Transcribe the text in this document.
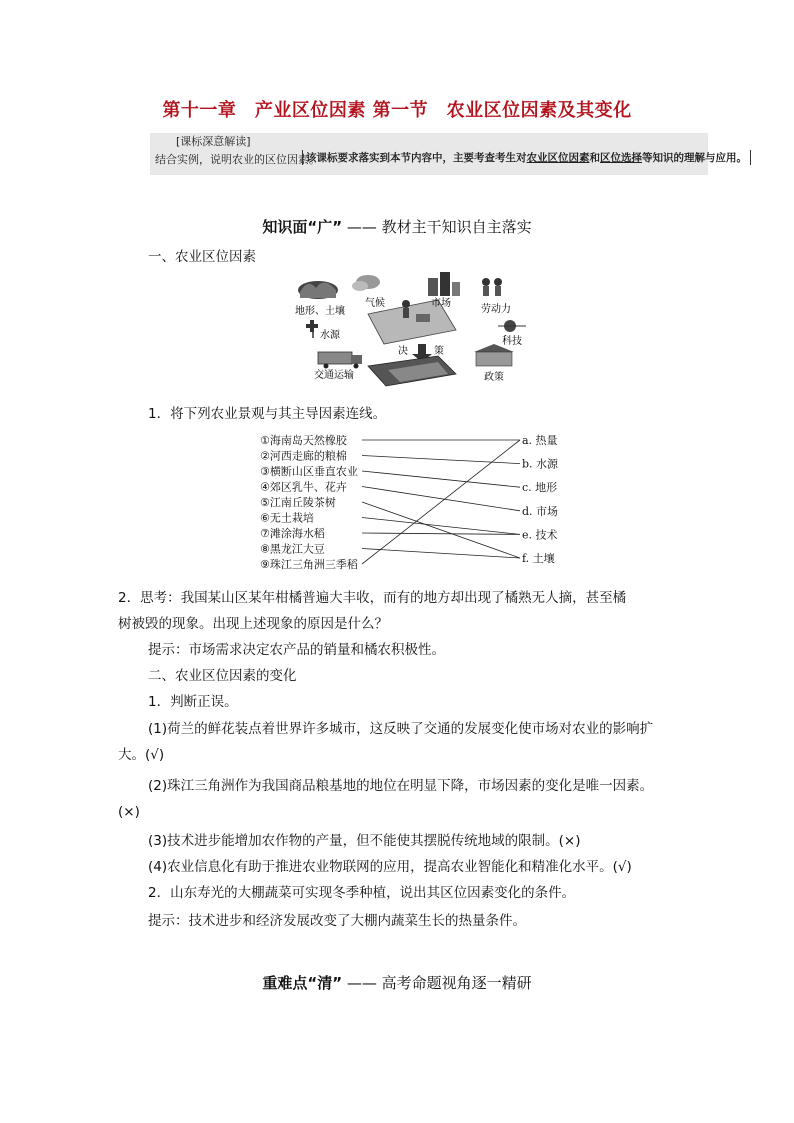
第十一章　产业区位因素 第一节　农业区位因素及其变化
[课标深意解读]
结合实例，说明农业的区位因素。
该课标要求落实到本节内容中，主要考查考生对农业区位因素和区位选择等知识的理解与应用。
知识面“广” —— 教材主干知识自主落实
一、农业区位因素
地形、土壤
气候	市场
劳动力
水源
科技
决	策
交通运输	政策
1．将下列农业景观与其主导因素连线。
①海南岛天然橡胶
②河西走廊的粮棉
③横断山区垂直农业
④郊区乳牛、花卉
⑤江南丘陵茶树
⑥无土栽培
⑦滩涂海水稻
⑧黑龙江大豆
⑨珠江三角洲三季稻
a. 热量
b. 水源
c. 地形
d. 市场
e. 技术
f. 土壤
2．思考：我国某山区某年柑橘普遍大丰收，而有的地方却出现了橘熟无人摘，甚至橘
树被毁的现象。出现上述现象的原因是什么？
提示：市场需求决定农产品的销量和橘农积极性。
二、农业区位因素的变化
1．判断正误。
(1)荷兰的鲜花装点着世界许多城市，这反映了交通的发展变化使市场对农业的影响扩
大。(√)
(2)珠江三角洲作为我国商品粮基地的地位在明显下降，市场因素的变化是唯一因素。
(×)
(3)技术进步能增加农作物的产量，但不能使其摆脱传统地域的限制。(×)
(4)农业信息化有助于推进农业物联网的应用，提高农业智能化和精准化水平。(√)
2．山东寿光的大棚蔬菜可实现冬季种植，说出其区位因素变化的条件。
提示：技术进步和经济发展改变了大棚内蔬菜生长的热量条件。
重难点“清” —— 高考命题视角逐一精研
